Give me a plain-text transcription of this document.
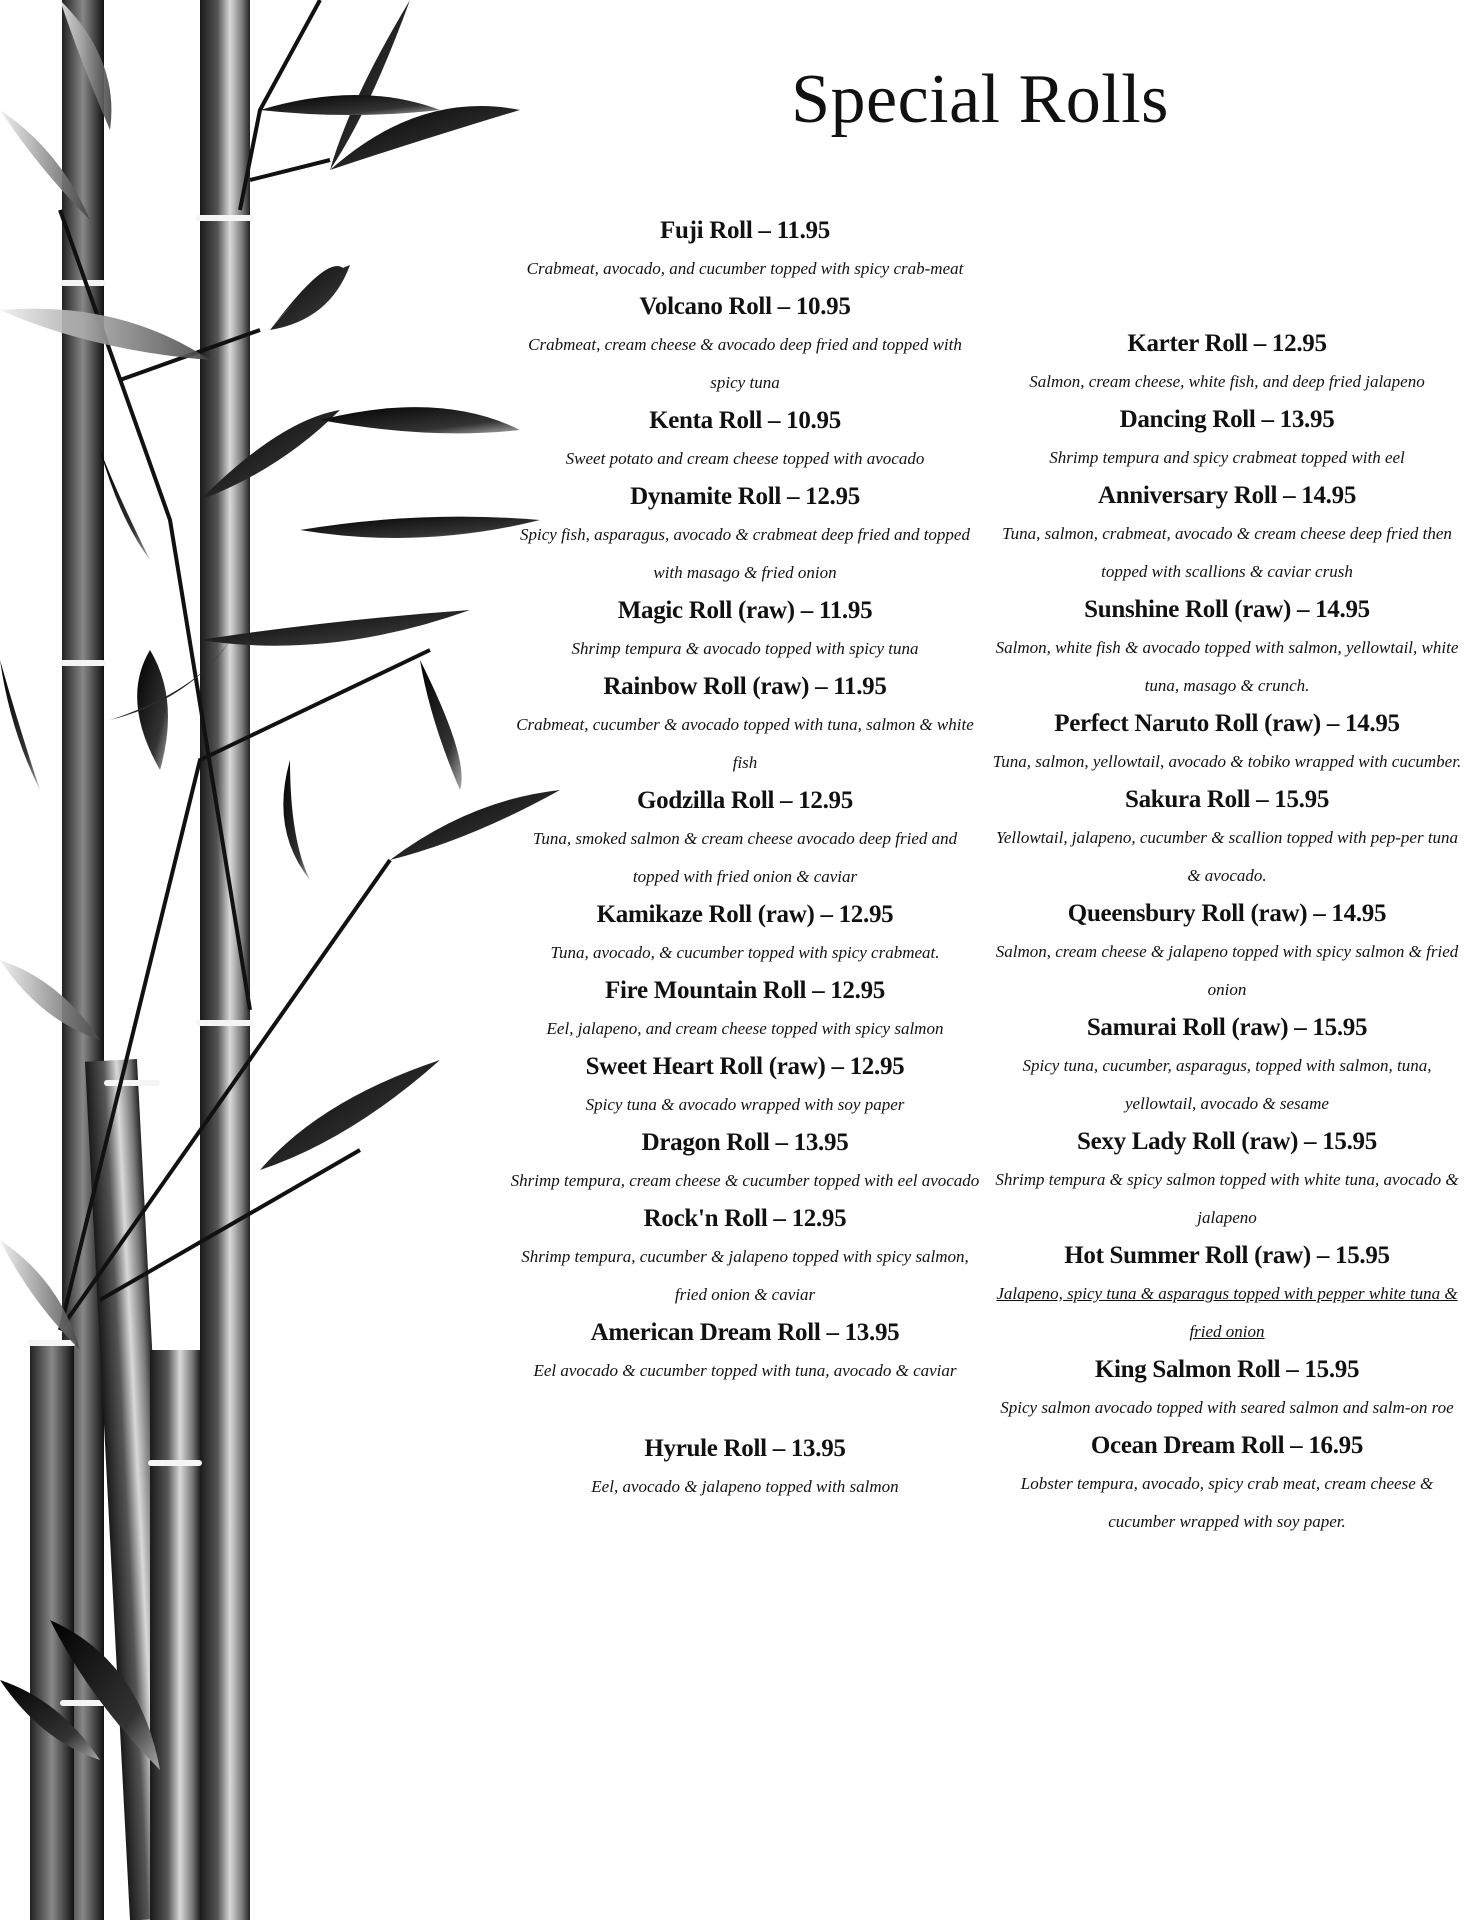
Special Rolls
Fuji Roll – 11.95
Crabmeat, avocado, and cucumber topped with spicy crab-meat
Volcano Roll – 10.95
Crabmeat, cream cheese & avocado deep fried and topped with spicy tuna
Kenta Roll – 10.95
Sweet potato and cream cheese topped with avocado
Dynamite Roll – 12.95
Spicy fish, asparagus, avocado & crabmeat deep fried and topped with masago & fried onion
Magic Roll (raw) – 11.95
Shrimp tempura & avocado topped with spicy tuna
Rainbow Roll (raw) – 11.95
Crabmeat, cucumber & avocado topped with tuna, salmon & white fish
Godzilla Roll – 12.95
Tuna, smoked salmon & cream cheese avocado deep fried and topped with fried onion & caviar
Kamikaze Roll (raw) – 12.95
Tuna, avocado, & cucumber topped with spicy crabmeat.
Fire Mountain Roll – 12.95
Eel, jalapeno, and cream cheese topped with spicy salmon
Sweet Heart Roll (raw) – 12.95
Spicy tuna & avocado wrapped with soy paper
Dragon Roll – 13.95
Shrimp tempura, cream cheese & cucumber topped with eel avocado
Rock'n Roll – 12.95
Shrimp tempura, cucumber & jalapeno topped with spicy salmon, fried onion & caviar
American Dream Roll – 13.95
Eel avocado & cucumber topped with tuna, avocado & caviar
Hyrule Roll – 13.95
Eel, avocado & jalapeno topped with salmon
Karter Roll – 12.95
Salmon, cream cheese, white fish, and deep fried jalapeno
Dancing Roll – 13.95
Shrimp tempura and spicy crabmeat topped with eel
Anniversary Roll – 14.95
Tuna, salmon, crabmeat, avocado & cream cheese deep fried then topped with scallions & caviar crush
Sunshine Roll (raw) – 14.95
Salmon, white fish & avocado topped with salmon, yellowtail, white tuna, masago & crunch.
Perfect Naruto Roll (raw) – 14.95
Tuna, salmon, yellowtail, avocado & tobiko wrapped with cucumber.
Sakura Roll – 15.95
Yellowtail, jalapeno, cucumber & scallion topped with pep-per tuna & avocado.
Queensbury Roll (raw) – 14.95
Salmon, cream cheese & jalapeno topped with spicy salmon & fried onion
Samurai Roll (raw) – 15.95
Spicy tuna, cucumber, asparagus, topped with salmon, tuna, yellowtail, avocado & sesame
Sexy Lady Roll (raw) – 15.95
Shrimp tempura & spicy salmon topped with white tuna, avocado & jalapeno
Hot Summer Roll (raw) – 15.95
Jalapeno, spicy tuna & asparagus topped with pepper white tuna & fried onion
King Salmon Roll – 15.95
Spicy salmon avocado topped with seared salmon and salm-on roe
Ocean Dream Roll – 16.95
Lobster tempura, avocado, spicy crab meat, cream cheese & cucumber wrapped with soy paper.
